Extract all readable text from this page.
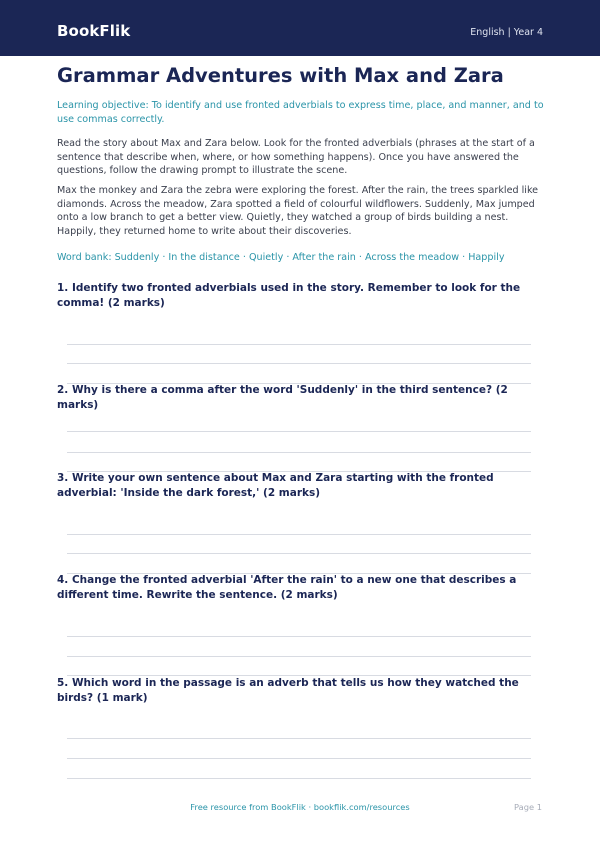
BookFlik	English | Year 4
Grammar Adventures with Max and Zara

Learning objective: To identify and use fronted adverbials to express time, place, and manner, and to use commas correctly.

Read the story about Max and Zara below. Look for the fronted adverbials (phrases at the start of a sentence that describe when, where, or how something happens). Once you have answered the questions, follow the drawing prompt to illustrate the scene.

Max the monkey and Zara the zebra were exploring the forest. After the rain, the trees sparkled like diamonds. Across the meadow, Zara spotted a field of colourful wildflowers. Suddenly, Max jumped onto a low branch to get a better view. Quietly, they watched a group of birds building a nest. Happily, they returned home to write about their discoveries.

Word bank: Suddenly · In the distance · Quietly · After the rain · Across the meadow · Happily

1. Identify two fronted adverbials used in the story. Remember to look for the comma! (2 marks)

2. Why is there a comma after the word 'Suddenly' in the third sentence? (2 marks)

3. Write your own sentence about Max and Zara starting with the fronted adverbial: 'Inside the dark forest,' (2 marks)

4. Change the fronted adverbial 'After the rain' to a new one that describes a different time. Rewrite the sentence. (2 marks)

5. Which word in the passage is an adverb that tells us how they watched the birds? (1 mark)

Free resource from BookFlik · bookflik.com/resources	Page 1
